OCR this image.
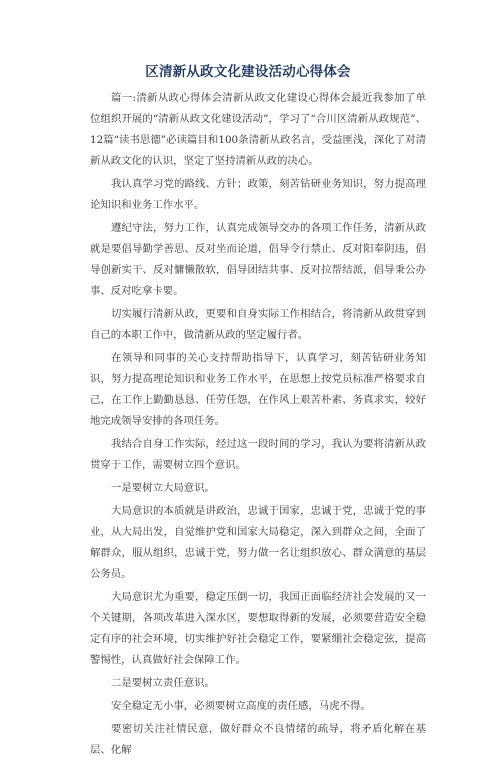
区清新从政文化建设活动心得体会

篇一:清新从政心得体会清新从政文化建设心得体会最近我参加了单位组织开展的“清新从政文化建设活动”，学习了“合川区清新从政规范”、12篇“读书思德”必读篇目和100条清新从政名言，受益匪浅，深化了对清新从政文化的认识，坚定了坚持清新从政的决心。

我认真学习党的路线、方针；政策，刻苦钻研业务知识，努力提高理论知识和业务工作水平。

遵纪守法，努力工作，认真完成领导交办的各项工作任务，清新从政就是要倡导勤学善思、反对坐而论道，倡导令行禁止、反对阳奉阴违，倡导创新实干、反对慵懒散软，倡导团结共事、反对拉帮结派，倡导秉公办事、反对吃拿卡要。

切实履行清新从政，更要和自身实际工作相结合，将清新从政贯穿到自己的本职工作中，做清新从政的坚定履行者。

在领导和同事的关心支持帮助指导下，认真学习，刻苦钻研业务知识，努力提高理论知识和业务工作水平，在思想上按党员标准严格要求自己，在工作上勤勤恳恳、任劳任怨，在作风上艰苦朴素、务真求实，较好地完成领导安排的各项任务。

我结合自身工作实际，经过这一段时间的学习，我认为要将清新从政贯穿于工作，需要树立四个意识。

一是要树立大局意识。

大局意识的本质就是讲政治，忠诚于国家，忠诚于党，忠诚于党的事业，从大局出发，自觉维护党和国家大局稳定，深入到群众之间，全面了解群众，服从组织，忠诚于党，努力做一名让组织放心、群众满意的基层公务员。

大局意识尤为重要，稳定压倒一切，我国正面临经济社会发展的又一个关键期，各项改革进入深水区，要想取得新的发展，必须要营造安全稳定有序的社会环境，切实维护好社会稳定工作，要紧绷社会稳定弦，提高警惕性，认真做好社会保障工作。

二是要树立责任意识。

安全稳定无小事，必须要树立高度的责任感，马虎不得。

要密切关注社情民意，做好群众不良情绪的疏导，将矛盾化解在基层、化解
